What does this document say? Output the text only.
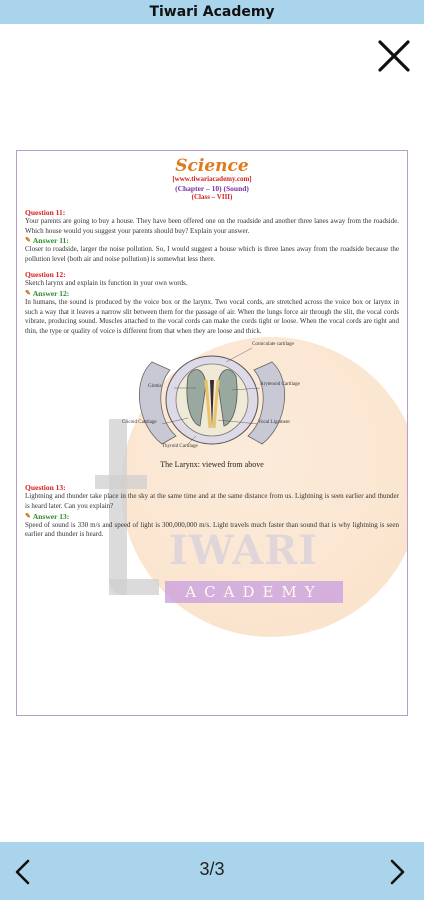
Tiwari Academy
IWARI
ACADEMY
Science
[www.tiwariacademy.com]
(Chapter – 10) (Sound)
(Class – VIII)
Question 11:
Your parents are going to buy a house. They have been offered one on the roadside and another three lanes away from the roadside. Which house would you suggest your parents should buy? Explain your answer.
✎ Answer 11:
Closer to roadside, larger the noise pollution. So, I would suggest a house which is three lanes away from the roadside because the pollution level (both air and noise pollution) is somewhat less there.
Question 12:
Sketch larynx and explain its function in your own words.
✎ Answer 12:
In humans, the sound is produced by the voice box or the larynx. Two vocal cords, are stretched across the voice box or larynx in such a way that it leaves a narrow slit between them for the passage of air. When the lungs force air through the slit, the vocal cords vibrate, producing sound. Muscles attached to the vocal cords can make the cords tight or loose. When the vocal cords are tight and thin, the type or quality of voice is different from that when they are loose and thick.
Corniculate cartilage
Glottis	Arytenoid Cartilage
Cricoid Cartilage	Vocal Ligament
Thyroid Cartilage
The Larynx: viewed from above
Question 13:
Lightning and thunder take place in the sky at the same time and at the same distance from us. Lightning is seen earlier and thunder is heard later. Can you explain?
✎ Answer 13:
Speed of sound is 330 m/s and speed of light is 300,000,000 m/s. Light travels much faster than sound that is why lightning is seen earlier and thunder is heard.
3/3
